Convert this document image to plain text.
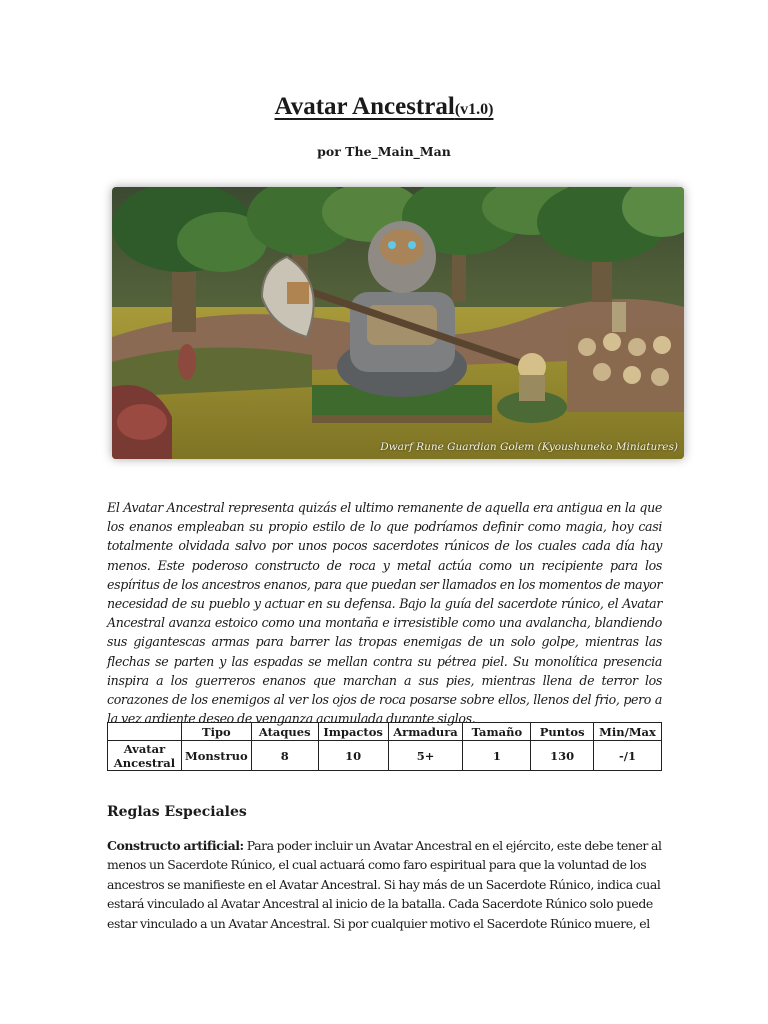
Avatar Ancestral(v1.0)
por The_Main_Man
Dwarf Rune Guardian Golem (Kyoushuneko Miniatures)
El Avatar Ancestral representa quizás el ultimo remanente de aquella era antigua en la que los enanos empleaban su propio estilo de lo que podríamos definir como magia, hoy casi totalmente olvidada salvo por unos pocos sacerdotes rúnicos de los cuales cada día hay menos. Este poderoso constructo de roca y metal actúa como un recipiente para los espíritus de los ancestros enanos, para que puedan ser llamados en los momentos de mayor necesidad de su pueblo y actuar en su defensa. Bajo la guía del sacerdote rúnico, el Avatar Ancestral avanza estoico como una montaña e irresistible como una avalancha, blandiendo sus gigantescas armas para barrer las tropas enemigas de un solo golpe, mientras las flechas se parten y las espadas se mellan contra su pétrea piel. Su monolítica presencia inspira a los guerreros enanos que marchan a sus pies, mientras llena de terror los corazones de los enemigos al ver los ojos de roca posarse sobre ellos, llenos del frio, pero a la vez ardiente deseo de venganza acumulada durante siglos.
	Tipo	Ataques	Impactos	Armadura	Tamaño	Puntos	Min/Max
Avatar Ancestral	Monstruo	8	10	5+	1	130	-/1
Reglas Especiales
Constructo artificial: Para poder incluir un Avatar Ancestral en el ejército, este debe tener al menos un Sacerdote Rúnico, el cual actuará como faro espiritual para que la voluntad de los ancestros se manifieste en el Avatar Ancestral. Si hay más de un Sacerdote Rúnico, indica cual estará vinculado al Avatar Ancestral al inicio de la batalla. Cada Sacerdote Rúnico solo puede estar vinculado a un Avatar Ancestral. Si por cualquier motivo el Sacerdote Rúnico muere, el
